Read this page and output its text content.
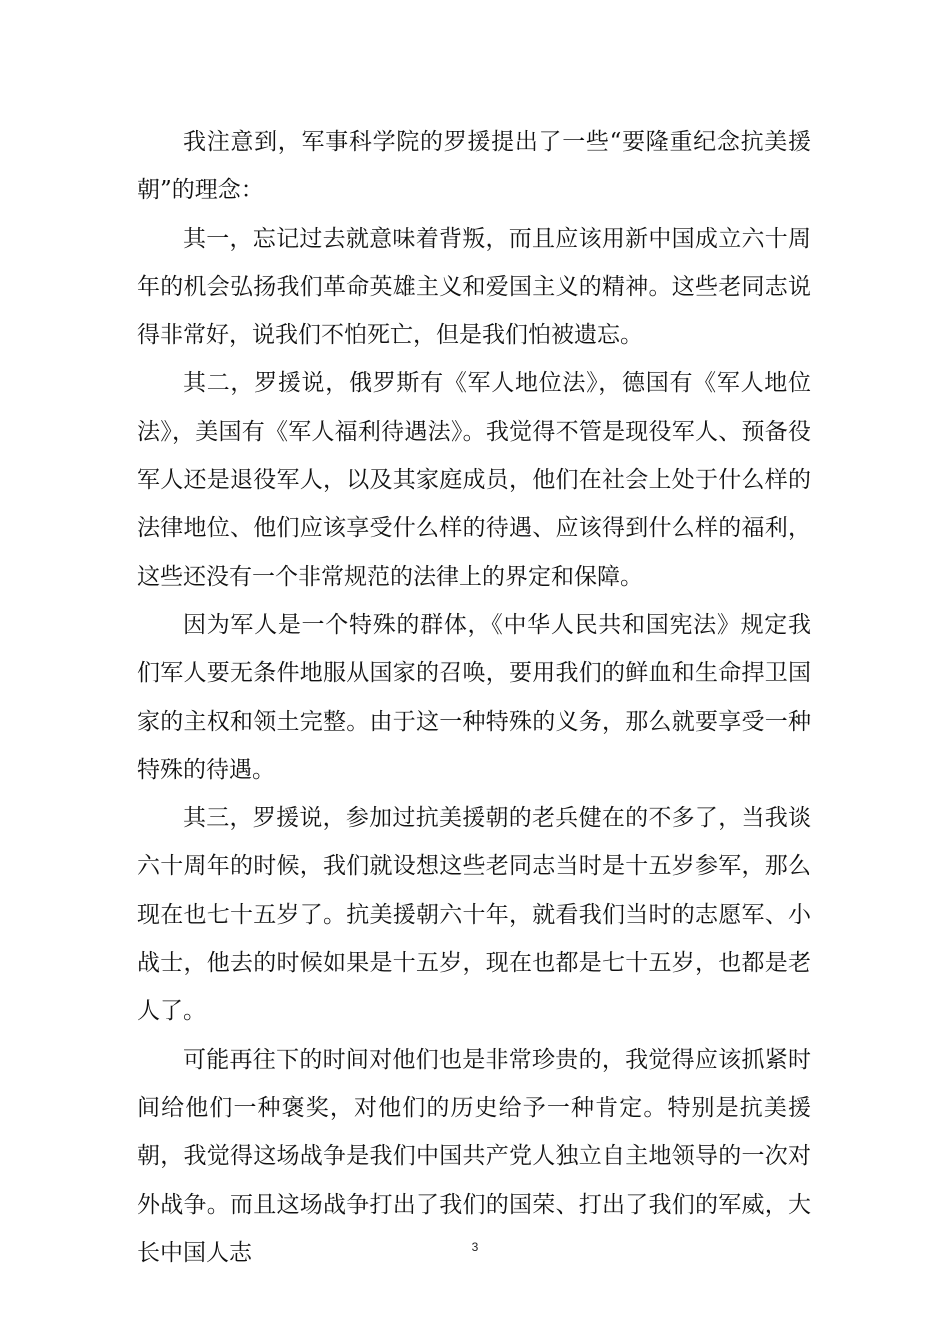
我注意到，军事科学院的罗援提出了一些“要隆重纪念抗美援朝”的理念：

其一，忘记过去就意味着背叛，而且应该用新中国成立六十周年的机会弘扬我们革命英雄主义和爱国主义的精神。这些老同志说得非常好，说我们不怕死亡，但是我们怕被遗忘。

其二，罗援说，俄罗斯有《军人地位法》，德国有《军人地位法》，美国有《军人福利待遇法》。我觉得不管是现役军人、预备役军人还是退役军人，以及其家庭成员，他们在社会上处于什么样的法律地位、他们应该享受什么样的待遇、应该得到什么样的福利，这些还没有一个非常规范的法律上的界定和保障。

因为军人是一个特殊的群体，《中华人民共和国宪法》规定我们军人要无条件地服从国家的召唤，要用我们的鲜血和生命捍卫国家的主权和领土完整。由于这一种特殊的义务，那么就要享受一种特殊的待遇。

其三，罗援说，参加过抗美援朝的老兵健在的不多了，当我谈六十周年的时候，我们就设想这些老同志当时是十五岁参军，那么现在也七十五岁了。抗美援朝六十年，就看我们当时的志愿军、小战士，他去的时候如果是十五岁，现在也都是七十五岁，也都是老人了。

可能再往下的时间对他们也是非常珍贵的，我觉得应该抓紧时间给他们一种褒奖，对他们的历史给予一种肯定。特别是抗美援朝，我觉得这场战争是我们中国共产党人独立自主地领导的一次对外战争。而且这场战争打出了我们的国荣、打出了我们的军威，大长中国人志	3
